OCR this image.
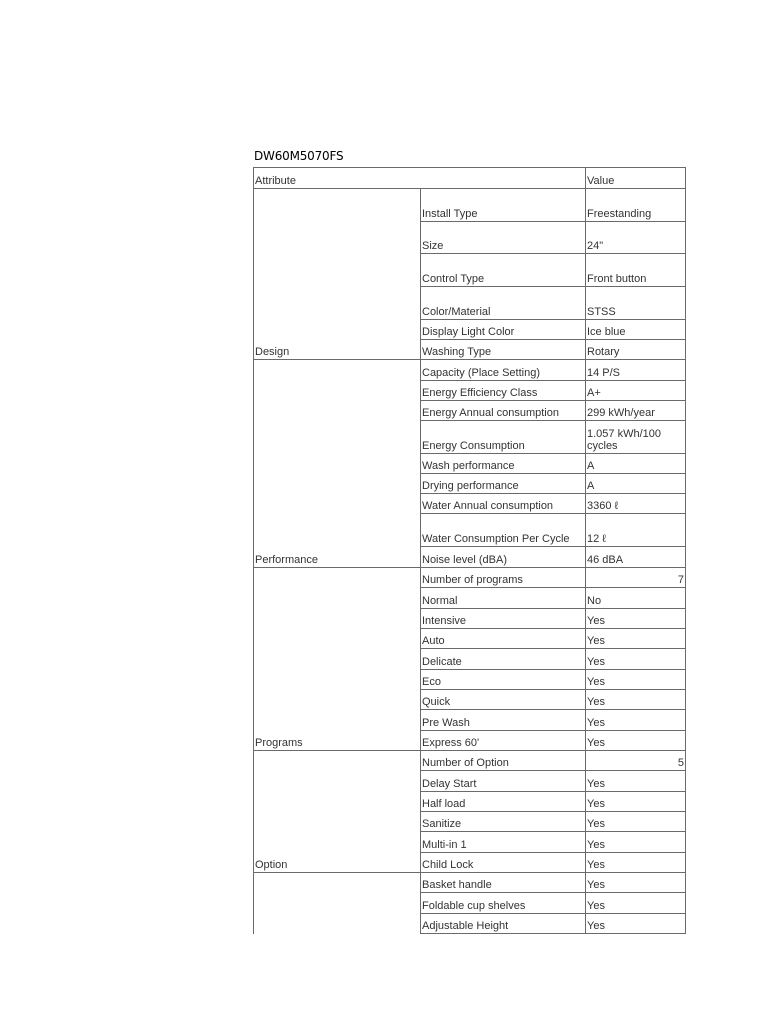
DW60M5070FS
Attribute		Value
Design	Install Type	Freestanding
	Size	24"
	Control Type	Front button
	Color/Material	STSS
	Display Light Color	Ice blue
	Washing Type	Rotary
Performance	Capacity (Place Setting)	14 P/S
	Energy Efficiency Class	A+
	Energy Annual consumption	299 kWh/year
	Energy Consumption	1.057 kWh/100 cycles
	Wash performance	A
	Drying performance	A
	Water Annual consumption	3360 ℓ
	Water Consumption Per Cycle	12 ℓ
	Noise level (dBA)	46 dBA
Programs	Number of programs	7
	Normal	No
	Intensive	Yes
	Auto	Yes
	Delicate	Yes
	Eco	Yes
	Quick	Yes
	Pre Wash	Yes
	Express 60'	Yes
Option	Number of Option	5
	Delay Start	Yes
	Half load	Yes
	Sanitize	Yes
	Multi-in 1	Yes
	Child Lock	Yes
	Basket handle	Yes
	Foldable cup shelves	Yes
	Adjustable Height	Yes
